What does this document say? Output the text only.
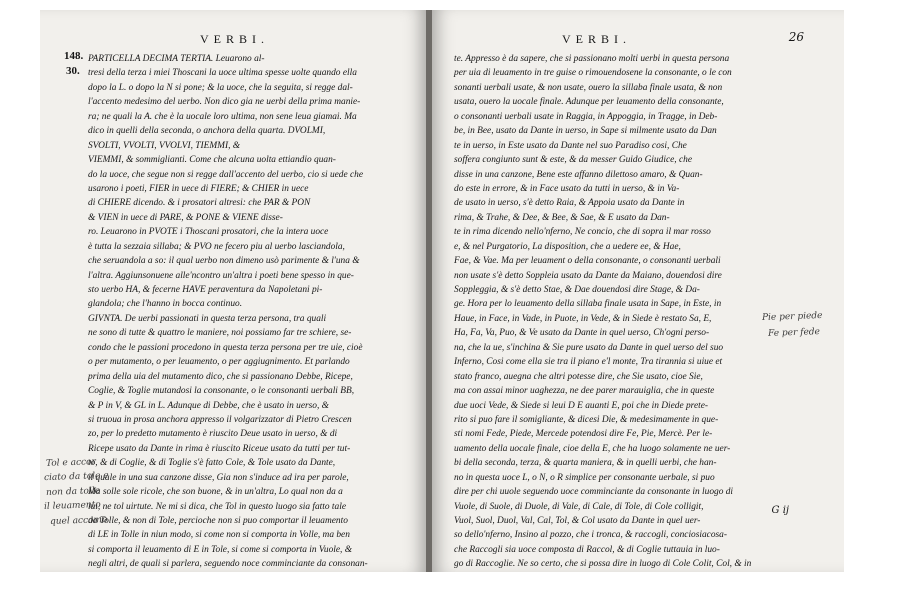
VERBI.
148.
30.
PARTICELLA DECIMA TERTIA. Leuarono al-
tresi della terza i miei Thoscani la uoce ultima spesse uolte quando ella
dopo la L. o dopo la N si pone; & la uoce, che la seguita, si regge dal-
l'accento medesimo del uerbo. Non dico gia ne uerbi della prima manie-
ra; ne quali la A. che è la uocale loro ultima, non sene leua giamai. Ma
dico in quelli della seconda, o anchora della quarta. DVOLMI,
SVOLTI, VVOLTI, VVOLVI, TIEMMI, &
VIEMMI, & sommiglianti. Come che alcuna uolta ettiandio quan-
do la uoce, che segue non si regge dall'accento del uerbo, cio si uede che
usarono i poeti, FIER in uece di FIERE; & CHIER in uece
di CHIERE dicendo. & i prosatori altresi: che PAR & PON
& VIEN in uece di PARE, & PONE & VIENE disse-
ro. Leuarono in PVOTE i Thoscani prosatori, che la intera uoce
è tutta la sezzaia sillaba; & PVO ne fecero piu al uerbo lasciandola,
che seruandola a so: il qual uerbo non dimeno usò parimente & l'una &
l'altra. Aggiunsonuene alle'ncontro un'altra i poeti bene spesso in que-
sto uerbo HA, & fecerne HAVE peraventura da Napoletani pi-
glandola; che l'hanno in bocca continuo.
GIVNTA. De uerbi passionati in questa terza persona, tra quali
ne sono di tutte & quattro le maniere, noi possiamo far tre schiere, se-
condo che le passioni procedono in questa terza persona per tre uie, cioè
o per mutamento, o per leuamento, o per aggiugnimento. Et parlando
prima della uia del mutamento dico, che si passionano Debbe, Ricepe,
Coglie, & Toglie mutandosi la consonante, o le consonanti uerbali BB,
& P in V, & GL in L. Adunque di Debbe, che è usato in uerso, &
si truoua in prosa anchora appresso il volgarizzator di Pietro Crescen
zo, per lo predetto mutamento è riuscito Deue usato in uerso, & di
Ricepe usato da Dante in rima è riuscito Riceue usato da tutti per tut-
to, & di Coglie, & di Toglie s'è fatto Cole, & Tole usato da Dante,
il quale in una sua canzone disse, Gia non s'induce ad ira per parole,
Ma solle sole ricole, che son buone, & in un'altra, Lo qual non da a
lui, ne tol uirtute. Ne mi si dica, che Tol in questo luogo sia fatto tale
da Tolle, & non di Tole, percioche non si puo comportar il leuamento
di LE in Tolle in niun modo, si come non si comporta in Volle, ma ben
si comporta il leuamento di E in Tole, si come si comporta in Vuole, &
negli altri, de quali si parlera, seguendo noce comminciante da consonan-
Tol e accor
ciato da tole e
non da tolle
il leuamento
quel accomo
VERBI.	26
te. Appresso è da sapere, che si passionano molti uerbi in questa persona
per uia di leuamento in tre guise o rimouendosene la consonante, o le con
sonanti uerbali usate, & non usate, ouero la sillaba finale usata, & non
usata, ouero la uocale finale. Adunque per leuamento della consonante,
o consonanti uerbali usate in Raggia, in Appoggia, in Tragge, in Deb-
be, in Bee, usato da Dante in uerso, in Sape si milmente usato da Dan
te in uerso, in Este usato da Dante nel suo Paradiso cosi, Che
soffera congiunto sunt & este, & da messer Guido Giudice, che
disse in una canzone, Bene este affanno dilettoso amaro, & Quan-
do este in errore, & in Face usato da tutti in uerso, & in Va-
de usato in uerso, s'è detto Raia, & Appoia usato da Dante in
rima, & Trahe, & Dee, & Bee, & Sae, & E usato da Dan-
te in rima dicendo nello'nferno, Ne concio, che di sopra il mar rosso
e, & nel Purgatorio, La disposition, che a uedere ee, & Hae,
Fae, & Vae. Ma per leuament o della consonante, o consonanti uerbali
non usate s'è detto Soppleia usato da Dante da Maiano, douendosi dire
Soppleggia, & s'è detto Stae, & Dae douendosi dire Stage, & Da-
ge. Hora per lo leuamento della sillaba finale usata in Sape, in Este, in
Haue, in Face, in Vade, in Puote, in Vede, & in Siede è restato Sa, E,
Ha, Fa, Va, Puo, & Ve usato da Dante in quel uerso, Ch'ogni perso-
na, che la ue, s'inchina & Sie pure usato da Dante in quel uerso del suo
Inferno, Cosi come ella sie tra il piano e'l monte, Tra tirannia si uiue et
stato franco, auegna che altri potesse dire, che Sie usato, cioe Sie,
ma con assai minor uaghezza, ne dee parer marauiglia, che in queste
due uoci Vede, & Siede si leui D E auanti E, poi che in Diede prete-
rito si puo fare il somigliante, & dicesi Die, & medesimamente in que-
sti nomi Fede, Piede, Mercede potendosi dire Fe, Pie, Mercè. Per le-
uamento della uocale finale, cioe della E, che ha luogo solamente ne uer-
bi della seconda, terza, & quarta maniera, & in quelli uerbi, che han-
no in questa uoce L, o N, o R simplice per consonante uerbale, si puo
dire per chi uuole seguendo uoce comminciante da consonante in luogo di
Vuole, di Suole, di Duole, di Vale, di Cale, di Tole, di Cole colligit,
Vuol, Suol, Duol, Val, Cal, Tol, & Col usato da Dante in quel uer-
so dello'nferno, Insino al pozzo, che i tronca, & raccogli, conciosiacosa-
che Raccogli sia uoce composta di Raccol, & di Coglie tuttauia in luo-
go di Raccoglie. Ne so certo, che si possa dire in luogo di Cole Colit, Col, & in
Pie per piede
Fe per fede
G ij
